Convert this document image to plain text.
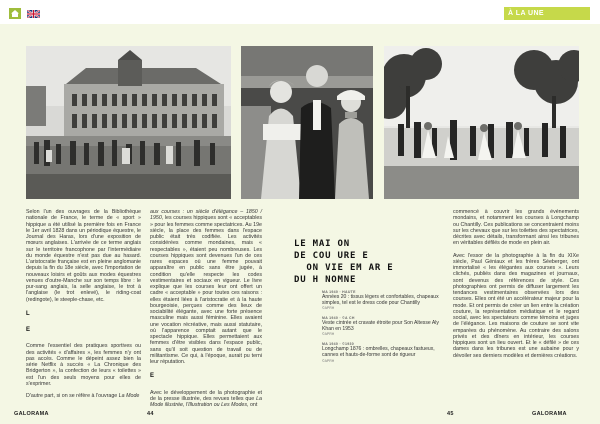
À LA UNE

Selon l'un des ouvrages de la Bibliothèque nationale de France, le terme de « sport » hippique a été utilisé la première fois en France le 1er avril 1828 dans un périodique équestre, le Journal des Haras, lors d'une exposition de mœurs anglaises. L'arrivée de ce terme anglais sur le territoire francophone par l'intermédiaire du monde équestre n'est pas due au hasard. L'aristocratie française est en pleine anglomanie depuis la fin du 18e siècle, avec l'importation de nouveaux loisirs et goûts aux modes équestres venues d'outre-Manche sur son temps libre : le pur-sang anglais, la selle anglaise, le trot à l'anglaise (le trot enlevé), le riding-coat (redingote), le steeple-chase, etc.

L
E

Comme l'essentiel des pratiques sportives ou des activités « d'affaires », les femmes n'y ont pas accès. Comme le dépeint assez bien la série Netflix à succès « La Chronique des Bridgerton », la confection de leurs « toilettes » est l'un des seuls moyens pour elles de s'exprimer.

D'autre part, si on se réfère à l'ouvrage La Mode

aux courses : un siècle d'élégance – 1850 / 1950, les courses hippiques sont « acceptables » pour les femmes comme spectatrices. Au 19e siècle, la place des femmes dans l'espace public était très codifiée. Les activités considérées comme mondaines, mais « respectables », étaient peu nombreuses. Les courses hippiques sont devenues l'un de ces rares espaces où une femme pouvait apparaître en public sans être jugée, à condition qu'elle respecte les codes vestimentaires et sociaux en vigueur. Le livre explique que les courses leur ont offert un cadre « acceptable » pour toutes ces raisons : elles étaient liées à l'aristocratie et à la haute bourgeoisie, perçues comme des lieux de sociabilité élégante, avec une forte présence masculine mais aussi féminine. Elles avaient une vocation récréative, mais aussi statutaire, où l'apparence comptait autant que le spectacle hippique. Elles permettaient aux femmes d'être visibles dans l'espace public, sans qu'il soit question de travail ou de militantisme. Ce qui, à l'époque, aurait pu terni leur réputation.

E

Avec le développement de la photographie et de la presse illustrée, des revues telles que La Mode illustrée, l'Illustration ou Les Modes, ont

LE MAI ON
DE COU URE E
ON VIE EM AR E
DU H NOMNE
MA 1940 · HAUTE
Années 20 : tissus légers et confortables, chapeaux simples, tel est le dress code pour Chantilly
©APRH
MA 1940 · ©A CH
Veste cintrée et cravate étroite pour Son Altesse Aly Khan en 1953
©APRH
MA 1940 · ©1930
Longchamp 1876 : ombrelles, chapeaux fastueux, cannes et hauts-de-forme sont de rigueur
©APRH

commencé à couvrir les grands événements mondains, et notamment les courses à Longchamp ou Chantilly. Ces publications se concentraient moins sur les chevaux que sur les toilettes des spectatrices, décrites avec détails, transformant ainsi les tribunes en véritables défilés de mode en plein air.

Avec l'essor de la photographie à la fin du XIXe siècle, Paul Géniaux et les frères Séeberger, ont immortalisé « les élégantes aux courses ». Leurs clichés, publiés dans des magazines et journaux, sont devenus des références de style. Ces photographies ont permis de diffuser largement les tendances vestimentaires observées lors des courses. Elles ont été un accélérateur majeur pour la mode. Et ont permis de créer un lien entre la création couture, la représentation médiatique et le regard social, avec les spectateurs comme témoins et juges de l'élégance. Les maisons de couture se sont vite emparées du phénomène. Au contraire des salons privés et des dîners en intérieur, les courses hippiques sont un lieu ouvert. Et le « défilé » de ces dames dans les tribunes est une aubaine pour y dévoiler ses derniers modèles et dernières créations.

GALORAMA	44	45	GALORAMA
